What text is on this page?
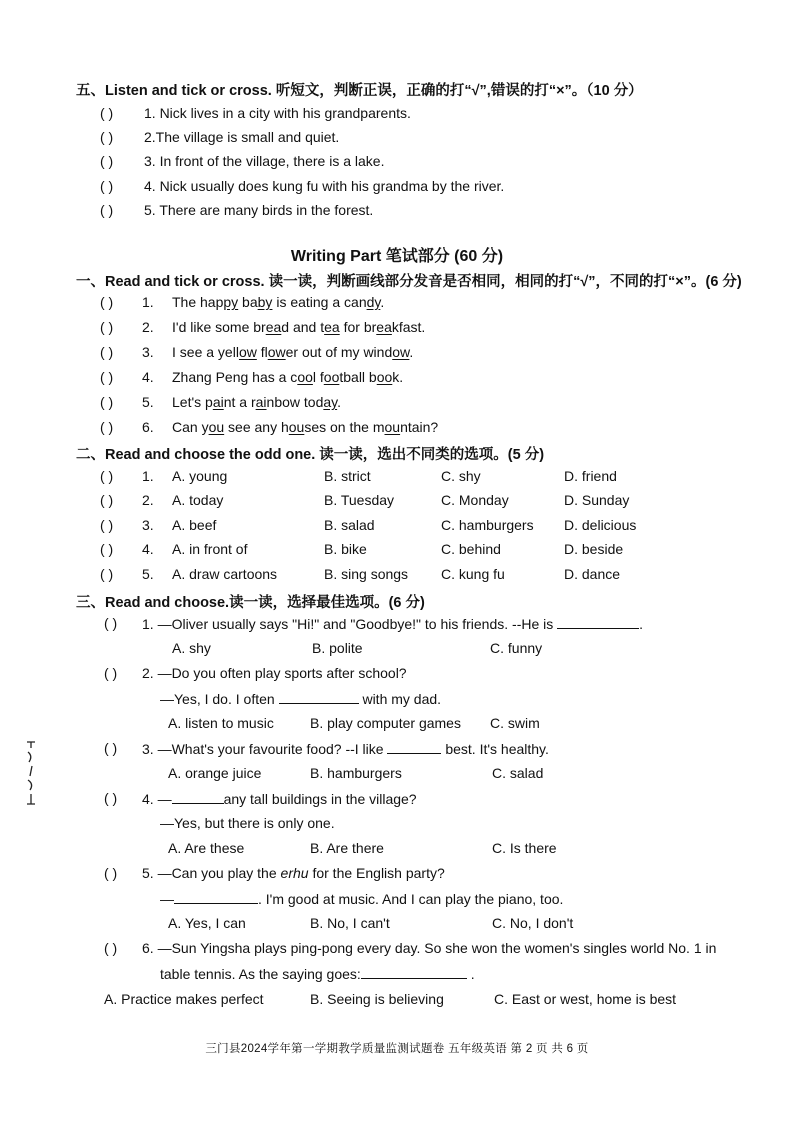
五、Listen and tick or cross. 听短文，判断正误，正确的打“√”,错误的打“×”。（10 分）
( ) 1. Nick lives in a city with his grandparents.
( ) 2.The village is small and quiet.
( ) 3. In front of the village, there is a lake.
( ) 4. Nick usually does kung fu with his grandma by the river.
( ) 5. There are many birds in the forest.
Writing Part 笔试部分 (60 分)
一、Read and tick or cross. 读一读，判断画线部分发音是否相同，相同的打“√”，不同的打“×”。(6 分)
( ) 1. The happy baby is eating a candy.
( ) 2. I'd like some bread and tea for breakfast.
( ) 3. I see a yellow flower out of my window.
( ) 4. Zhang Peng has a cool football book.
( ) 5. Let's paint a rainbow today.
( ) 6. Can you see any houses on the mountain?
二、Read and choose the odd one. 读一读，选出不同类的选项。(5 分)
( ) 1. A. young	B. strict	C. shy	D. friend
( ) 2. A. today	B. Tuesday	C. Monday	D. Sunday
( ) 3. A. beef	B. salad	C. hamburgers D. delicious
( ) 4. A. in front of	B. bike	C. behind	D. beside
( ) 5. A. draw cartoons	B. sing songs C. kung fu	D. dance
三、Read and choose.读一读，选择最佳选项。(6 分)
( ) 1. —Oliver usually says "Hi!" and "Goodbye!" to his friends. --He is	.
A. shy	B. polite	C. funny
( ) 2. —Do you often play sports after school?
—Yes, I do. I often	with my dad.
A. listen to music	B. play computer games C. swim
( ) 3. —What's your favourite food? --I like	best. It's healthy.
A. orange juice	B. hamburgers	C. salad
( ) 4. —	any tall buildings in the village?
—Yes, but there is only one.
A. Are these	B. Are there	C. Is there
( ) 5. —Can you play the erhu for the English party?
—	. I'm good at music. And I can play the piano, too.
A. Yes, I can	B. No, I can't	C. No, I don't
( ) 6. —Sun Yingsha plays ping-pong every day. So she won the women's singles world No. 1 in
table tennis. As the saying goes:	.
A. Practice makes perfect	B. Seeing is believing	C. East or west, home is best
三门县2024学年第一学期教学质量监测试题卷 五年级英语 第 2 页 共 6 页
